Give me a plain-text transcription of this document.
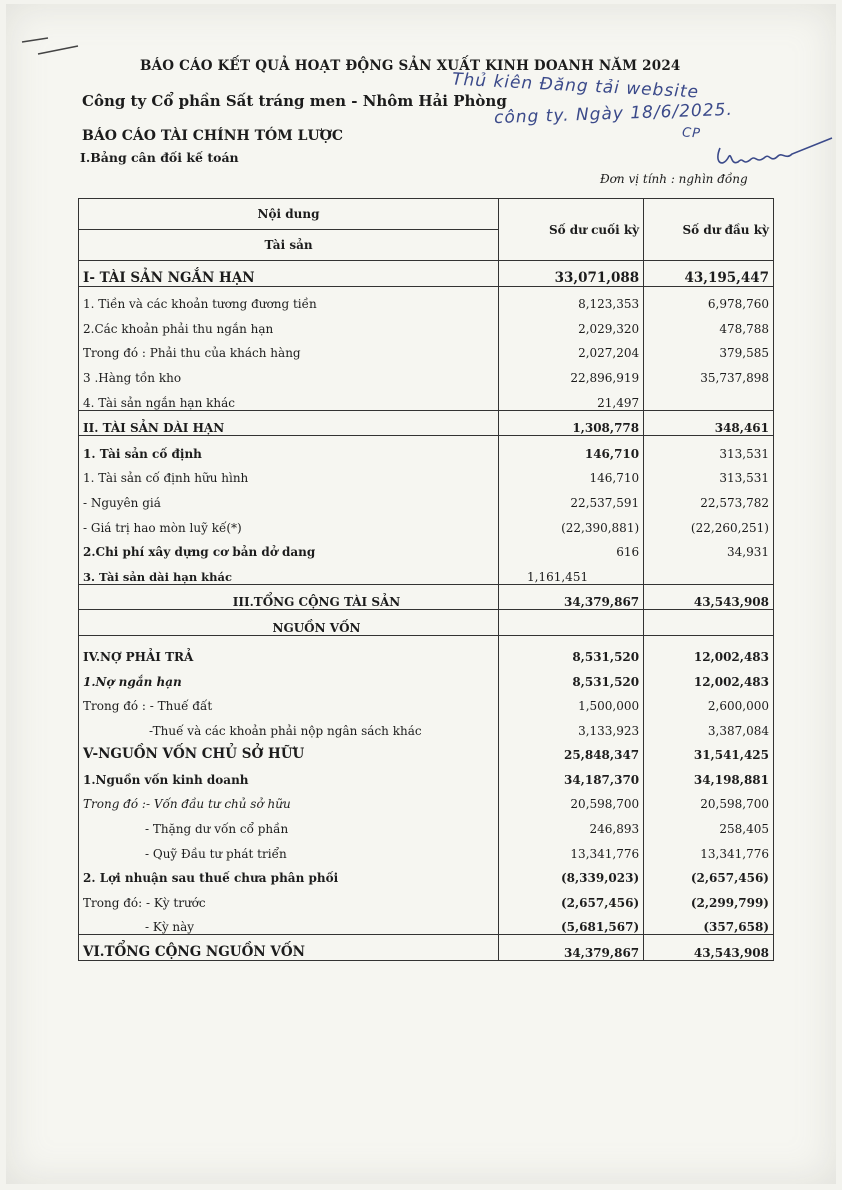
BÁO CÁO KẾT QUẢ HOẠT ĐỘNG SẢN XUẤT KINH DOANH NĂM 2024
Công ty Cổ phần Sất tráng men - Nhôm Hải Phòng
BÁO CÁO TÀI CHÍNH TÓM LƯỢC
I.Bảng cân đối kế toán
Đơn vị tính : nghìn đồng
Thủ kiên Đăng tải website
công ty. Ngày 18/6/2025.
CP
Nội dung	Số dư cuối kỳ	Số dư đầu kỳ
Tài sản		
I- TÀI SẢN NGẮN HẠN	33,071,088	43,195,447
1. Tiền và các khoản tương đương tiền	8,123,353	6,978,760
2.Các khoản phải thu ngắn hạn	2,029,320	478,788
Trong đó : Phải thu của khách hàng	2,027,204	379,585
3 .Hàng tồn kho	22,896,919	35,737,898
4. Tài sản ngắn hạn khác	21,497	
II. TÀI SẢN DÀI HẠN	1,308,778	348,461
1. Tài sản cố định	146,710	313,531
1. Tài sản cố định hữu hình	146,710	313,531
- Nguyên giá	22,537,591	22,573,782
- Giá trị hao mòn luỹ kế(*)	(22,390,881)	(22,260,251)
2.Chi phí xây dựng cơ bản dở dang	616	34,931
3. Tài sản dài hạn khác	1,161,451	
III.TỔNG CỘNG TÀI SẢN	34,379,867	43,543,908
NGUỒN VỐN		
IV.NỢ PHẢI TRẢ	8,531,520	12,002,483
1.Nợ ngắn hạn	8,531,520	12,002,483
Trong đó : - Thuế đất	1,500,000	2,600,000
-Thuế và các khoản phải nộp ngân sách khác	3,133,923	3,387,084
V-NGUỒN VỐN CHỦ SỞ HỮU	25,848,347	31,541,425
1.Nguồn vốn kinh doanh	34,187,370	34,198,881
Trong đó :- Vốn đầu tư chủ sở hữu	20,598,700	20,598,700
- Thặng dư vốn cổ phần	246,893	258,405
- Quỹ Đầu tư phát triển	13,341,776	13,341,776
2. Lợi nhuận sau thuế chưa phân phối	(8,339,023)	(2,657,456)
Trong đó: - Kỳ trước	(2,657,456)	(2,299,799)
- Kỳ này	(5,681,567)	(357,658)
VI.TỔNG CỘNG NGUỒN VỐN	34,379,867	43,543,908
